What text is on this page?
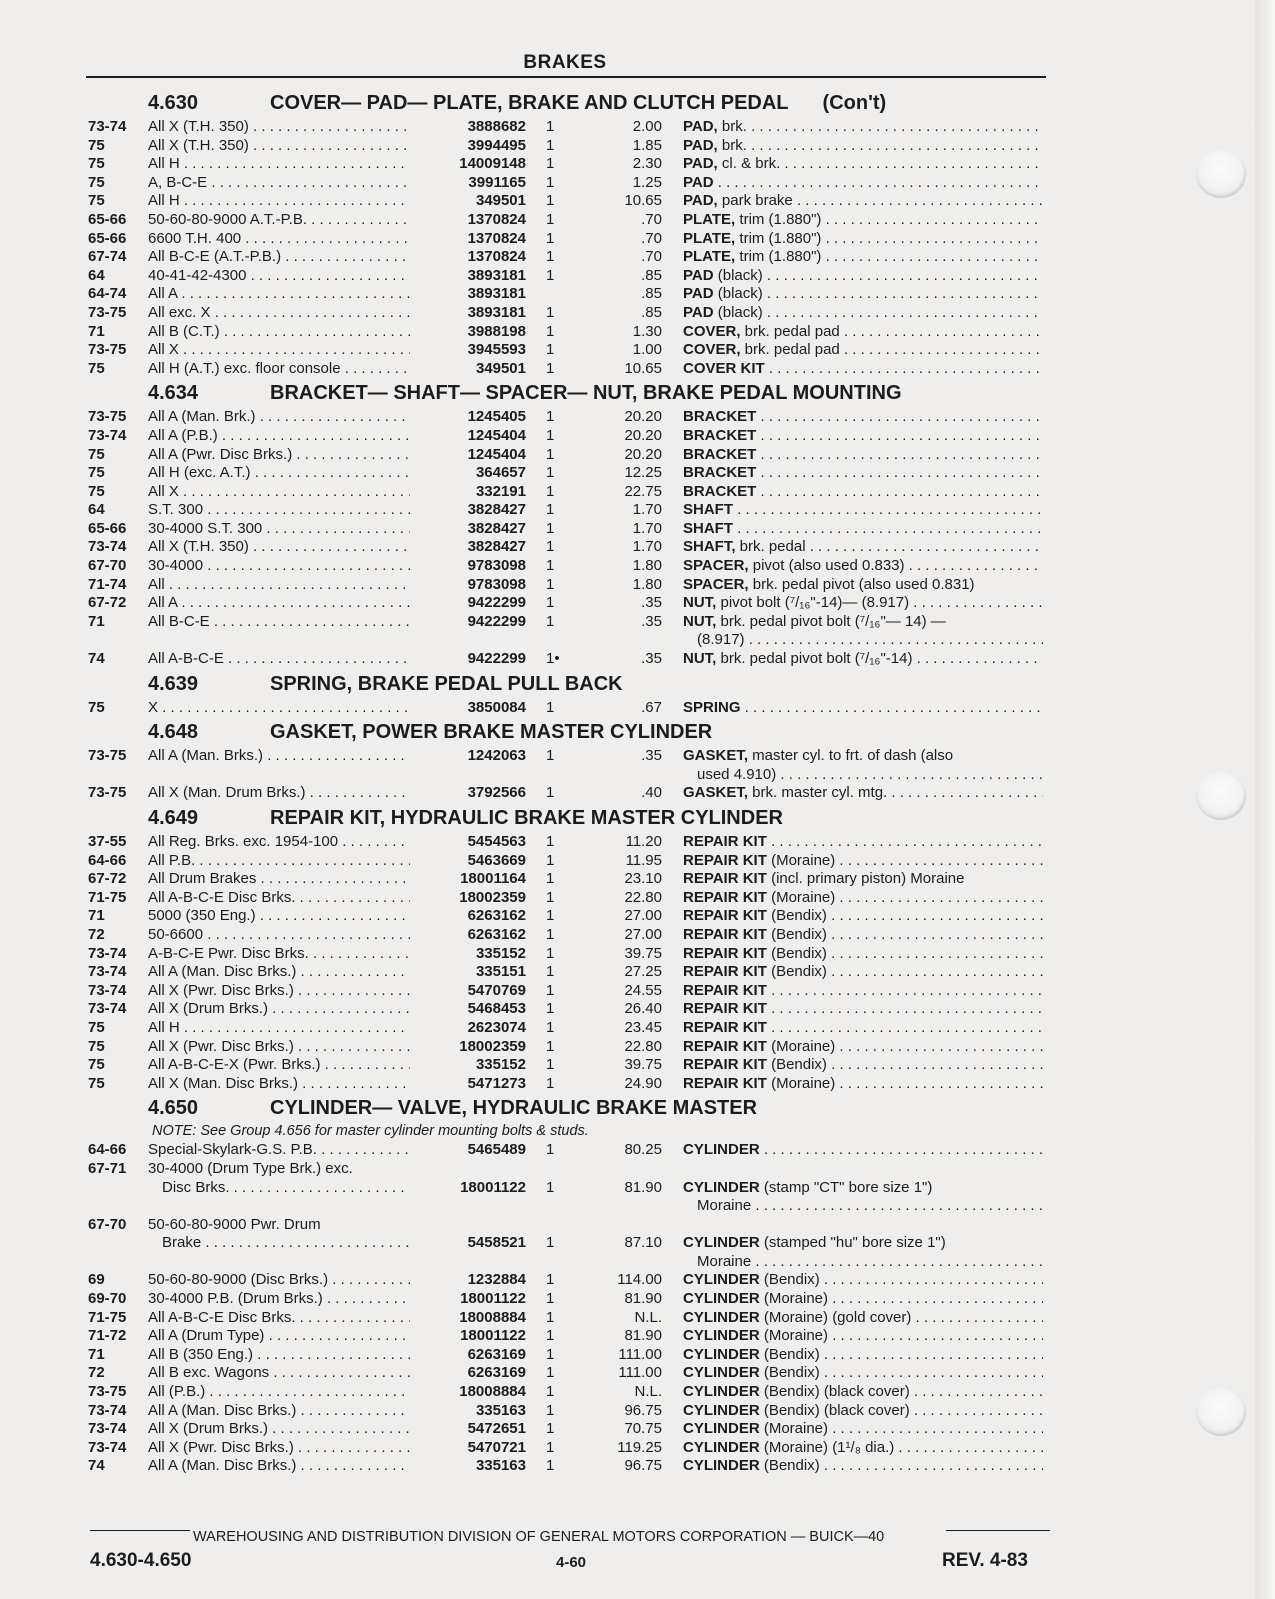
BRAKES
4.630	COVER— PAD— PLATE, BRAKE AND CLUTCH PEDAL (Con't)
73-74 All X (T.H. 350) . . .	3888682 1	2.00 PAD, brk. . . .
75	All X (T.H. 350) . . .	3994495 1	1.85 PAD, brk. . . .
75	All H . . .	14009148 1	2.30 PAD, cl. & brk. . . .
75	A, B-C-E . . .	3991165 1	1.25 PAD . . .
75	All H . . .	349501 1	10.65 PAD, park brake . . .
65-66 50-60-80-9000 A.T.-P.B. . . .	1370824 1	.70 PLATE, trim (1.880") . . .
65-66 6600 T.H. 400 . . .	1370824 1	.70 PLATE, trim (1.880") . . .
67-74 All B-C-E (A.T.-P.B.) . . .	1370824 1	.70 PLATE, trim (1.880") . . .
64	40-41-42-4300 . . .	3893181 1	.85 PAD (black) . . .
64-74 All A . . .	3893181	.85 PAD (black) . . .
73-75 All exc. X . . .	3893181 1	.85 PAD (black) . . .
71	All B (C.T.) . . .	3988198 1	1.30 COVER, brk. pedal pad . . .
73-75 All X . . .	3945593 1	1.00 COVER, brk. pedal pad . . .
75	All H (A.T.) exc. floor console . . .	349501 1	10.65 COVER KIT . . .
4.634	BRACKET— SHAFT— SPACER— NUT, BRAKE PEDAL MOUNTING
73-75 All A (Man. Brk.) . . .	1245405 1	20.20 BRACKET . . .
73-74 All A (P.B.) . . .	1245404 1	20.20 BRACKET . . .
75	All A (Pwr. Disc Brks.) . . .	1245404 1	20.20 BRACKET . . .
75	All H (exc. A.T.) . . .	364657 1	12.25 BRACKET . . .
75	All X . . .	332191 1	22.75 BRACKET . . .
64	S.T. 300 . . .	3828427 1	1.70 SHAFT . . .
65-66 30-4000 S.T. 300 . . .	3828427 1	1.70 SHAFT . . .
73-74 All X (T.H. 350) . . .	3828427 1	1.70 SHAFT, brk. pedal . . .
67-70 30-4000 . . .	9783098 1	1.80 SPACER, pivot (also used 0.833) . . .
71-74 All . . .	9783098 1	1.80 SPACER, brk. pedal pivot (also used 0.831)
67-72 All A . . .	9422299 1	.35 NUT, pivot bolt (⁷/₁₆"-14)— (8.917) . . .
71	All B-C-E . . .	9422299 1	.35 NUT, brk. pedal pivot bolt (⁷/₁₆"— 14) —
(8.917) . . .
74	All A-B-C-E . . .	9422299 1•	.35 NUT, brk. pedal pivot bolt (⁷/₁₆"-14) . . .
4.639	SPRING, BRAKE PEDAL PULL BACK
75	X . . .	3850084 1	.67 SPRING . . .
4.648	GASKET, POWER BRAKE MASTER CYLINDER
73-75 All A (Man. Brks.) . . .	1242063 1	.35 GASKET, master cyl. to frt. of dash (also
used 4.910) . . .
73-75 All X (Man. Drum Brks.) . . .	3792566 1	.40 GASKET, brk. master cyl. mtg. . . .
4.649	REPAIR KIT, HYDRAULIC BRAKE MASTER CYLINDER
37-55 All Reg. Brks. exc. 1954-100 . . .	5454563 1	11.20 REPAIR KIT . . .
64-66 All P.B. . . .	5463669 1	11.95 REPAIR KIT (Moraine) . . .
67-72 All Drum Brakes . . .	18001164 1	23.10 REPAIR KIT (incl. primary piston) Moraine
71-75 All A-B-C-E Disc Brks. . . .	18002359 1	22.80 REPAIR KIT (Moraine) . . .
71	5000 (350 Eng.) . . .	6263162 1	27.00 REPAIR KIT (Bendix) . . .
72	50-6600 . . .	6263162 1	27.00 REPAIR KIT (Bendix) . . .
73-74 A-B-C-E Pwr. Disc Brks. . . .	335152 1	39.75 REPAIR KIT (Bendix) . . .
73-74 All A (Man. Disc Brks.) . . .	335151 1	27.25 REPAIR KIT (Bendix) . . .
73-74 All X (Pwr. Disc Brks.) . . .	5470769 1	24.55 REPAIR KIT . . .
73-74 All X (Drum Brks.) . . .	5468453 1	26.40 REPAIR KIT . . .
75	All H . . .	2623074 1	23.45 REPAIR KIT . . .
75	All X (Pwr. Disc Brks.) . . .	18002359 1	22.80 REPAIR KIT (Moraine) . . .
75	All A-B-C-E-X (Pwr. Brks.) . . .	335152 1	39.75 REPAIR KIT (Bendix) . . .
75	All X (Man. Disc Brks.) . . .	5471273 1	24.90 REPAIR KIT (Moraine) . . .
4.650	CYLINDER— VALVE, HYDRAULIC BRAKE MASTER
NOTE: See Group 4.656 for master cylinder mounting bolts & studs.
64-66 Special-Skylark-G.S. P.B. . . .	5465489 1	80.25 CYLINDER . . .
67-71 30-4000 (Drum Type Brk.) exc.
Disc Brks. . . .	18001122 1	81.90 CYLINDER (stamp "CT" bore size 1")
Moraine . . .
67-70 50-60-80-9000 Pwr. Drum
Brake . . .	5458521 1	87.10 CYLINDER (stamped "hu" bore size 1")
Moraine . . .
69	50-60-80-9000 (Disc Brks.) . . .	1232884 1	114.00 CYLINDER (Bendix) . . .
69-70 30-4000 P.B. (Drum Brks.) . . .	18001122 1	81.90 CYLINDER (Moraine) . . .
71-75 All A-B-C-E Disc Brks. . . .	18008884 1	N.L. CYLINDER (Moraine) (gold cover) . . .
71-72 All A (Drum Type) . . .	18001122 1	81.90 CYLINDER (Moraine) . . .
71	All B (350 Eng.) . . .	6263169 1	111.00 CYLINDER (Bendix) . . .
72	All B exc. Wagons . . .	6263169 1	111.00 CYLINDER (Bendix) . . .
73-75 All (P.B.) . . .	18008884 1	N.L. CYLINDER (Bendix) (black cover) . . .
73-74 All A (Man. Disc Brks.) . . .	335163 1	96.75 CYLINDER (Bendix) (black cover) . . .
73-74 All X (Drum Brks.) . . .	5472651 1	70.75 CYLINDER (Moraine) . . .
73-74 All X (Pwr. Disc Brks.) . . .	5470721 1	119.25 CYLINDER (Moraine) (1¹/₈ dia.) . . .
74	All A (Man. Disc Brks.) . . .	335163 1	96.75 CYLINDER (Bendix) . . .
WAREHOUSING AND DISTRIBUTION DIVISION OF GENERAL MOTORS CORPORATION — BUICK—40
4.630-4.650	4-60	REV. 4-83
